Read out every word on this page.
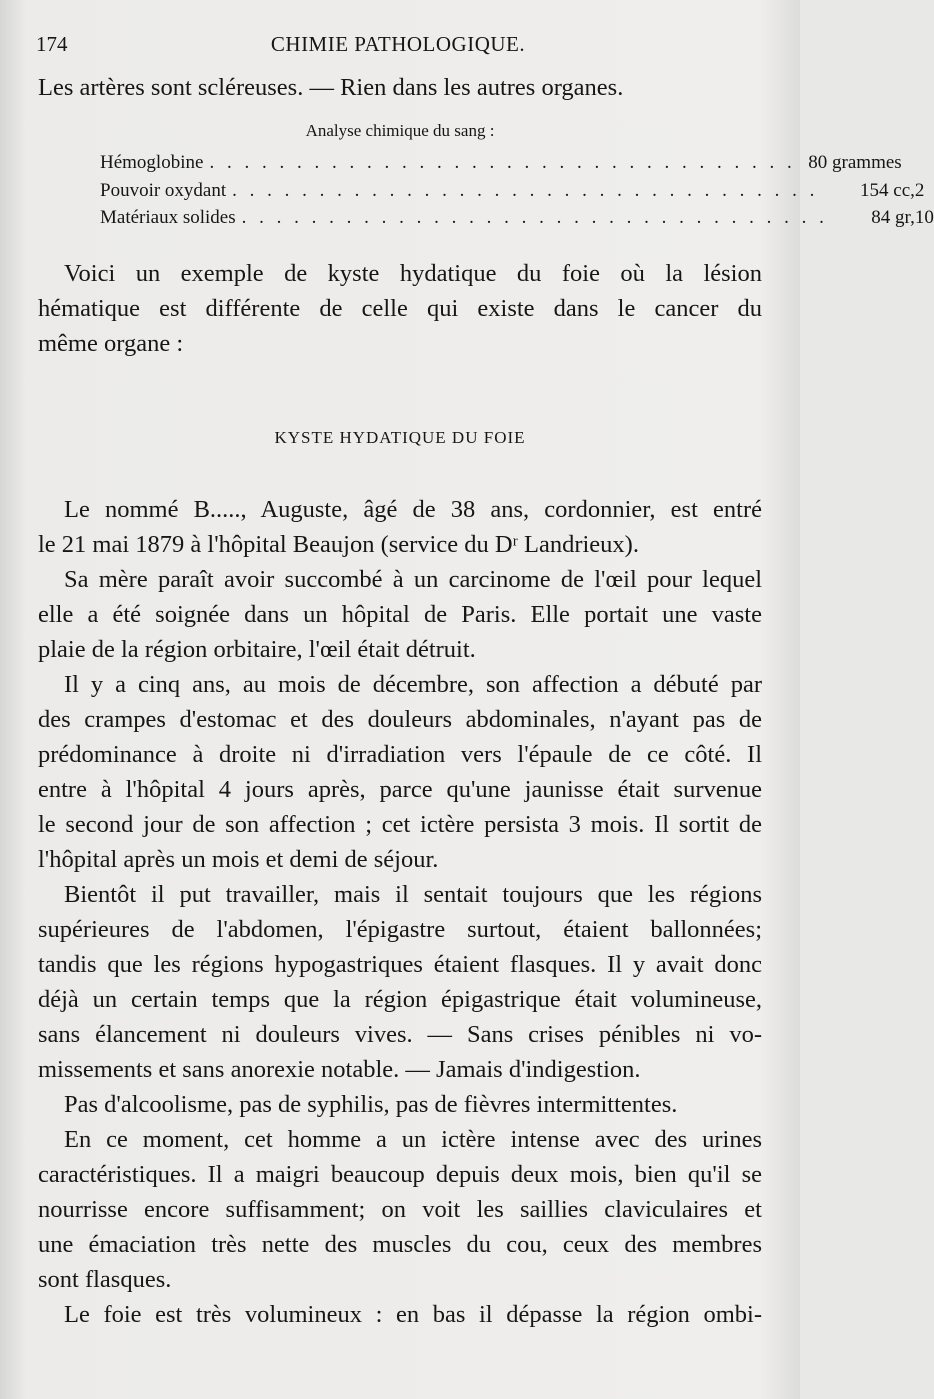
174	CHIMIE PATHOLOGIQUE.
Les artères sont scléreuses. — Rien dans les autres organes.
Analyse chimique du sang :
Hémoglobine . . . . . . . . . . . . . . . . . . . . . . . . . . . . . . . . . . 80 grammes
Pouvoir oxydant . . . . . . . . . . . . . . . . . . . . . . . . . . . . . . . . . .	154 cc,2
Matériaux solides . . . . . . . . . . . . . . . . . . . . . . . . . . . . . . . . . .	84 gr,10
Voici un exemple de kyste hydatique du foie où la lésion
hématique est différente de celle qui existe dans le cancer du
même organe :
KYSTE HYDATIQUE DU FOIE
Le nommé B....., Auguste, âgé de 38 ans, cordonnier, est entré
le 21 mai 1879 à l'hôpital Beaujon (service du Dʳ Landrieux).
Sa mère paraît avoir succombé à un carcinome de l'œil pour lequel
elle a été soignée dans un hôpital de Paris. Elle portait une vaste
plaie de la région orbitaire, l'œil était détruit.
Il y a cinq ans, au mois de décembre, son affection a débuté par
des crampes d'estomac et des douleurs abdominales, n'ayant pas de
prédominance à droite ni d'irradiation vers l'épaule de ce côté. Il
entre à l'hôpital 4 jours après, parce qu'une jaunisse était survenue
le second jour de son affection ; cet ictère persista 3 mois. Il sortit de
l'hôpital après un mois et demi de séjour.
Bientôt il put travailler, mais il sentait toujours que les régions
supérieures de l'abdomen, l'épigastre surtout, étaient ballonnées;
tandis que les régions hypogastriques étaient flasques. Il y avait donc
déjà un certain temps que la région épigastrique était volumineuse,
sans élancement ni douleurs vives. — Sans crises pénibles ni vo-
missements et sans anorexie notable. — Jamais d'indigestion.
Pas d'alcoolisme, pas de syphilis, pas de fièvres intermittentes.
En ce moment, cet homme a un ictère intense avec des urines
caractéristiques. Il a maigri beaucoup depuis deux mois, bien qu'il se
nourrisse encore suffisamment; on voit les saillies claviculaires et
une émaciation très nette des muscles du cou, ceux des membres
sont flasques.
Le foie est très volumineux : en bas il dépasse la région ombi-
